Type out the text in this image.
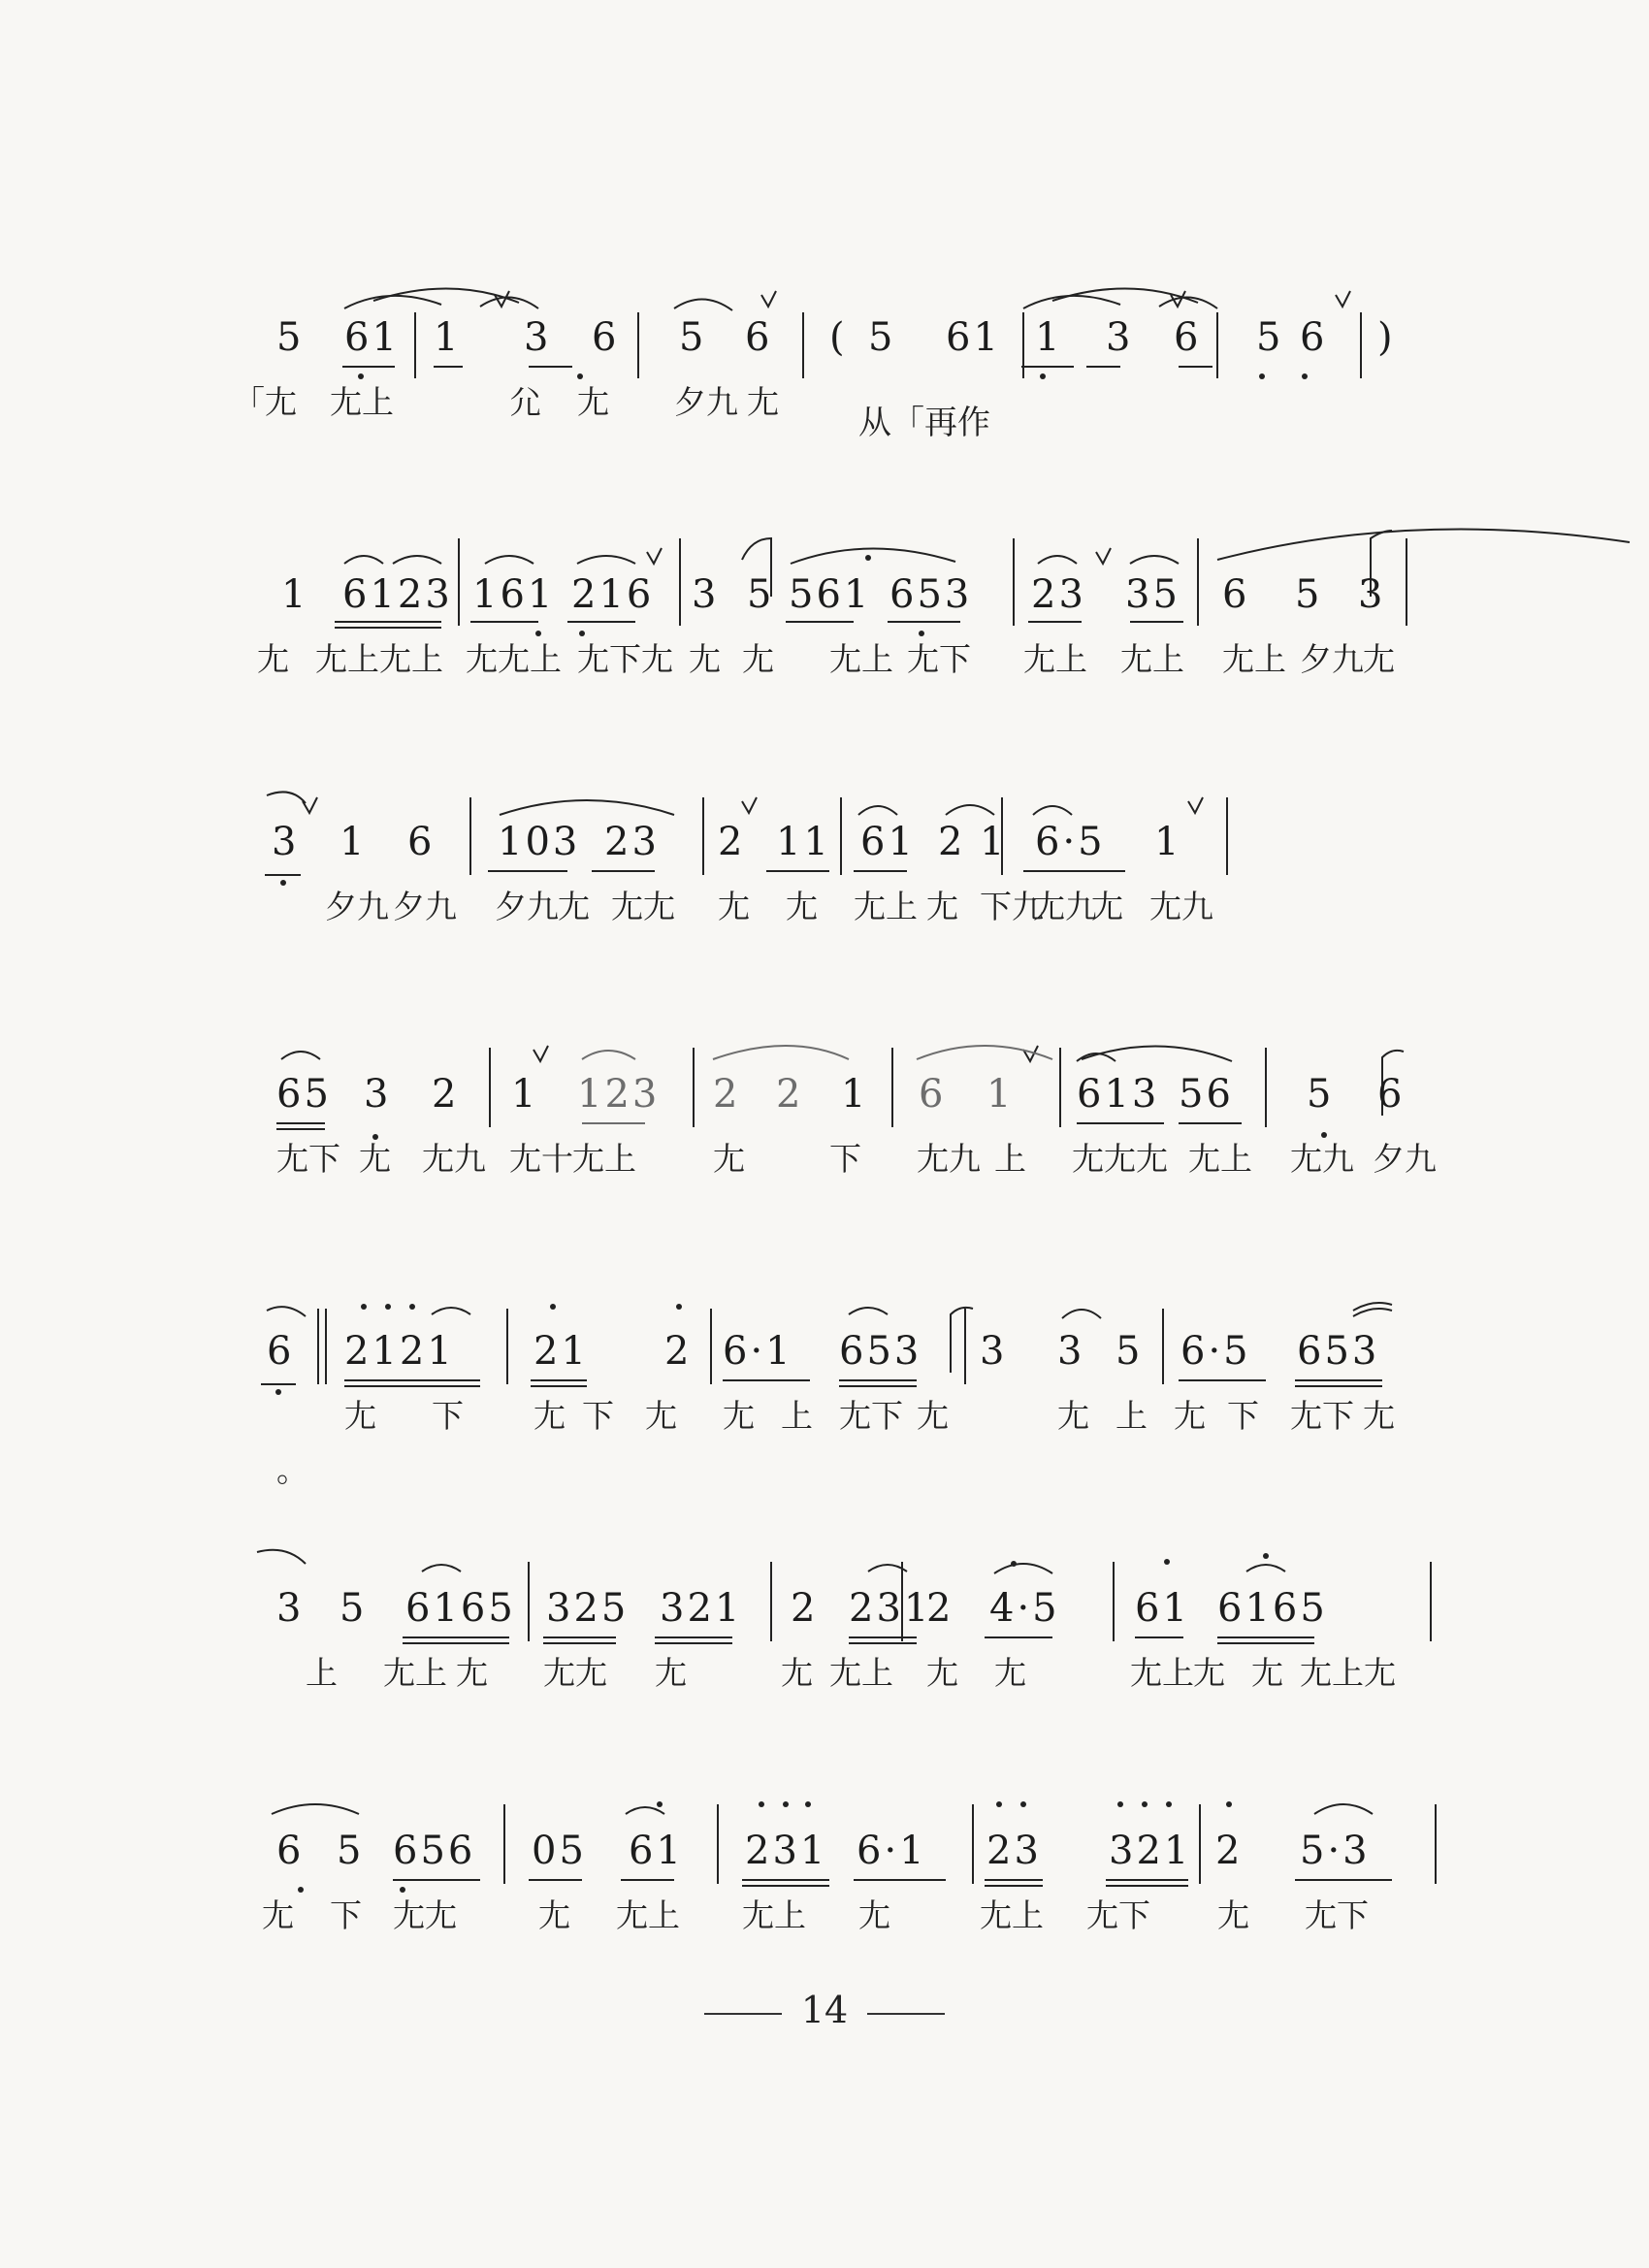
5 61 1 3 6 5 6 ( 5 61 1 3 6 5 6 )
「尢 尢上	尣 尢 夕九 尢
从「再作
1 6123 161 216 3 5 561 653 23 35 6 5 3
尢 尢上尢上 尢尢上 尢下尢 尢 尢 尢上 尢下 尢上 尢上 尢上 夕九 尢
3 1 6 103 23 2 11 61 2 1 6·5 1
夕九 夕九 夕九 尢 尢尢 尢 尢 尢上 尢 下九
尢九
尢 尢九
65 3 2 1 123 2 2 1 6 1 613 56 5 6
尢下 尢 尢九 尢十 尢上 尢	下 尢九 上 尢尢尢 尢上 尢九 夕九
6 2121 21 2 6·1 653 3 3 5 6·5 653
。
尢 下 尢 下 尢 尢 上 尢下 尢	尢 上 尢 下 尢下 尢
3 5 6165 325 321 2 231
2 4·5 61 6165
上 尢上 尢 尢尢 尢	尢 尢上 尢 尢	尢上 尢 尢 尢上尢
6 5 656 05 61 231 6·1 23 321 2 5·3
尢 下 尢尢	尢 尢上 尢上 尢	尢上 尢下 尢 尢下
14
